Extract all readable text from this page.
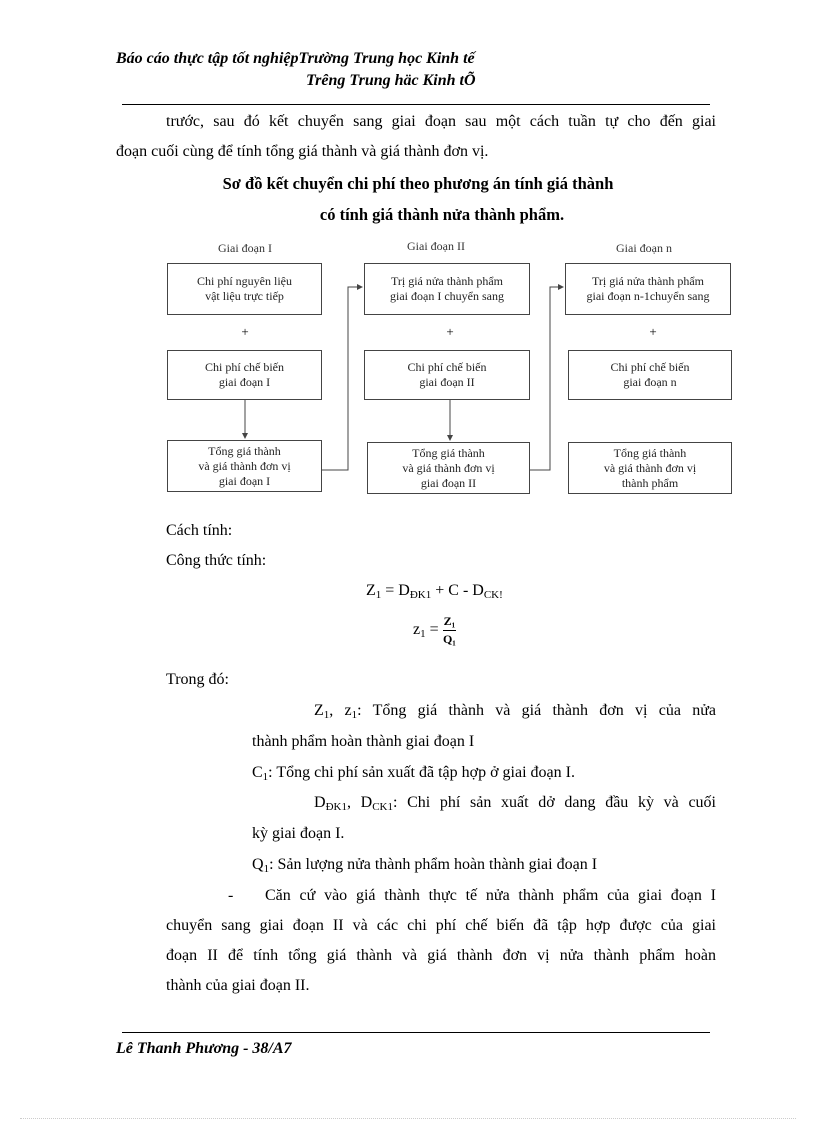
Báo cáo thực tập tốt nghiệpTrường Trung học Kinh tế
Trêng Trung häc Kinh tÕ
trước, sau đó kết chuyển sang giai đoạn sau một cách tuần tự cho đến giai
đoạn cuối cùng để tính tổng giá thành và giá thành đơn vị.
Sơ đồ kết chuyển chi phí theo phương án tính giá thành
có tính giá thành nửa thành phẩm.
Giai đoạn I	Giai đoạn II	Giai đoạn n
Chi phí nguyên liệu
vật liệu trực tiếp
+
Chi phí chế biến
giai đoạn I
Tổng giá thành
và giá thành đơn vị
giai đoạn I
Trị giá nửa thành phẩm
giai đoạn I chuyển sang
+
Chi phí chế biến
giai đoạn II
Tổng giá thành
và giá thành đơn vị
giai đoạn II
Trị giá nửa thành phẩm
giai đoạn n-1chuyển sang
+
Chi phí chế biến
giai đoạn n
Tổng giá thành
và giá thành đơn vị
thành phẩm
Cách tính:
Công thức tính:
$Z_1 = D_{ĐK1} + C - D_{CK!}$
$z_1 = \frac{\text{Z₁}}{\text{Q₁}}$
Trong đó:
$Z_1$, $z_1$: Tổng giá thành và giá thành đơn vị của nửa
thành phẩm hoàn thành giai đoạn I
$C_1$: Tổng chi phí sản xuất đã tập hợp ở giai đoạn I.
$D_{ĐK1}$, $D_{CK1}$: Chi phí sản xuất dở dang đầu kỳ và cuối
kỳ giai đoạn I.
$Q_1$: Sản lượng nửa thành phẩm hoàn thành giai đoạn I
- Căn cứ vào giá thành thực tế nửa thành phẩm của giai đoạn I
chuyển sang giai đoạn II và các chi phí chế biến đã tập hợp được của giai
đoạn II để tính tổng giá thành và giá thành đơn vị nửa thành phẩm hoàn
thành của giai đoạn II.
Lê Thanh Phương - 38/A7
